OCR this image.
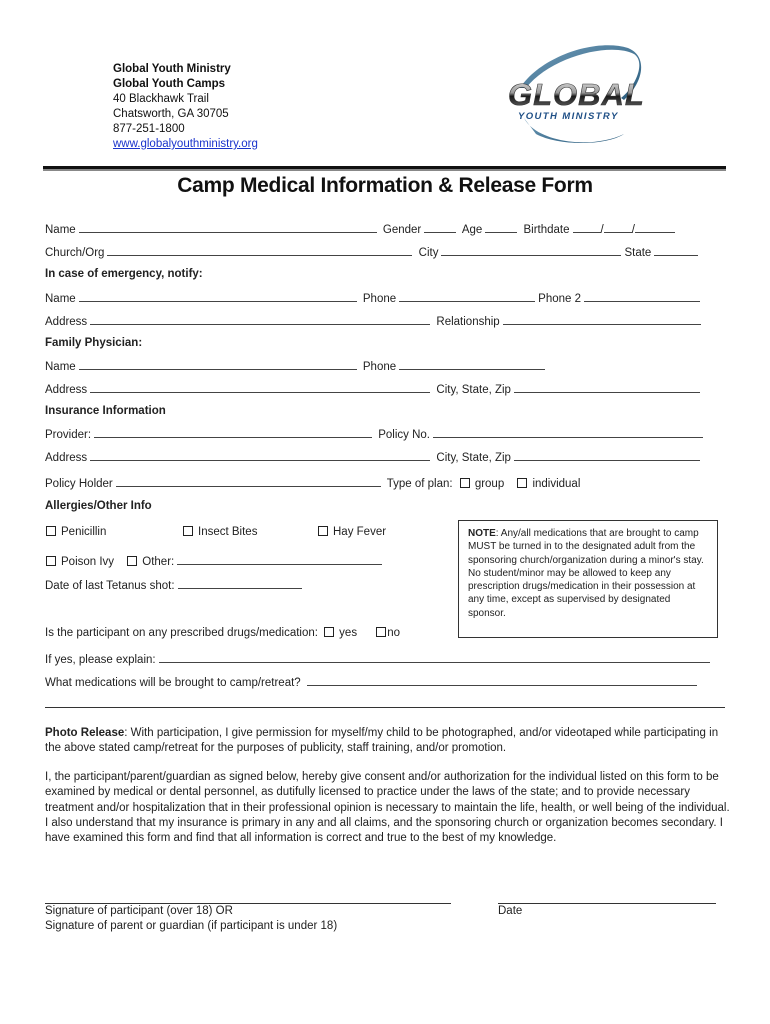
Global Youth Ministry
Global Youth Camps
40 Blackhawk Trail
Chatsworth, GA 30705
877-251-1800
www.globalyouthministry.org
GLOBAL
YOUTH MINISTRY
Camp Medical Information & Release Form
Name	Gender	Age	Birthdate	/ /
Church/Org	City	State
In case of emergency, notify:
Name	Phone	Phone 2
Address	Relationship
Family Physician:
Name	Phone
Address	City, State, Zip
Insurance Information
Provider:	Policy No.
Address	City, State, Zip
Policy Holder	Type of plan: group individual
Allergies/Other Info
Penicillin	Insect Bites	Hay Fever
Poison Ivy Other:
Date of last Tetanus shot:
Is the participant on any prescribed drugs/medication: yes	no
NOTE: Any/all medications that are brought to camp MUST be turned in to the designated adult from the sponsoring church/organization during a minor's stay. No student/minor may be allowed to keep any prescription drugs/medication in their possession at any time, except as supervised by designated sponsor.
If yes, please explain:
What medications will be brought to camp/retreat?
Photo Release: With participation, I give permission for myself/my child to be photographed, and/or videotaped while participating in the above stated camp/retreat for the purposes of publicity, staff training, and/or promotion.
I, the participant/parent/guardian as signed below, hereby give consent and/or authorization for the individual listed on this form to be examined by medical or dental personnel, as dutifully licensed to practice under the laws of the state; and to provide necessary treatment and/or hospitalization that in their professional opinion is necessary to maintain the life, health, or well being of the individual. I also understand that my insurance is primary in any and all claims, and the sponsoring church or organization becomes secondary. I have examined this form and find that all information is correct and true to the best of my knowledge.
Signature of participant (over 18) OR
Signature of parent or guardian (if participant is under 18)
Date
